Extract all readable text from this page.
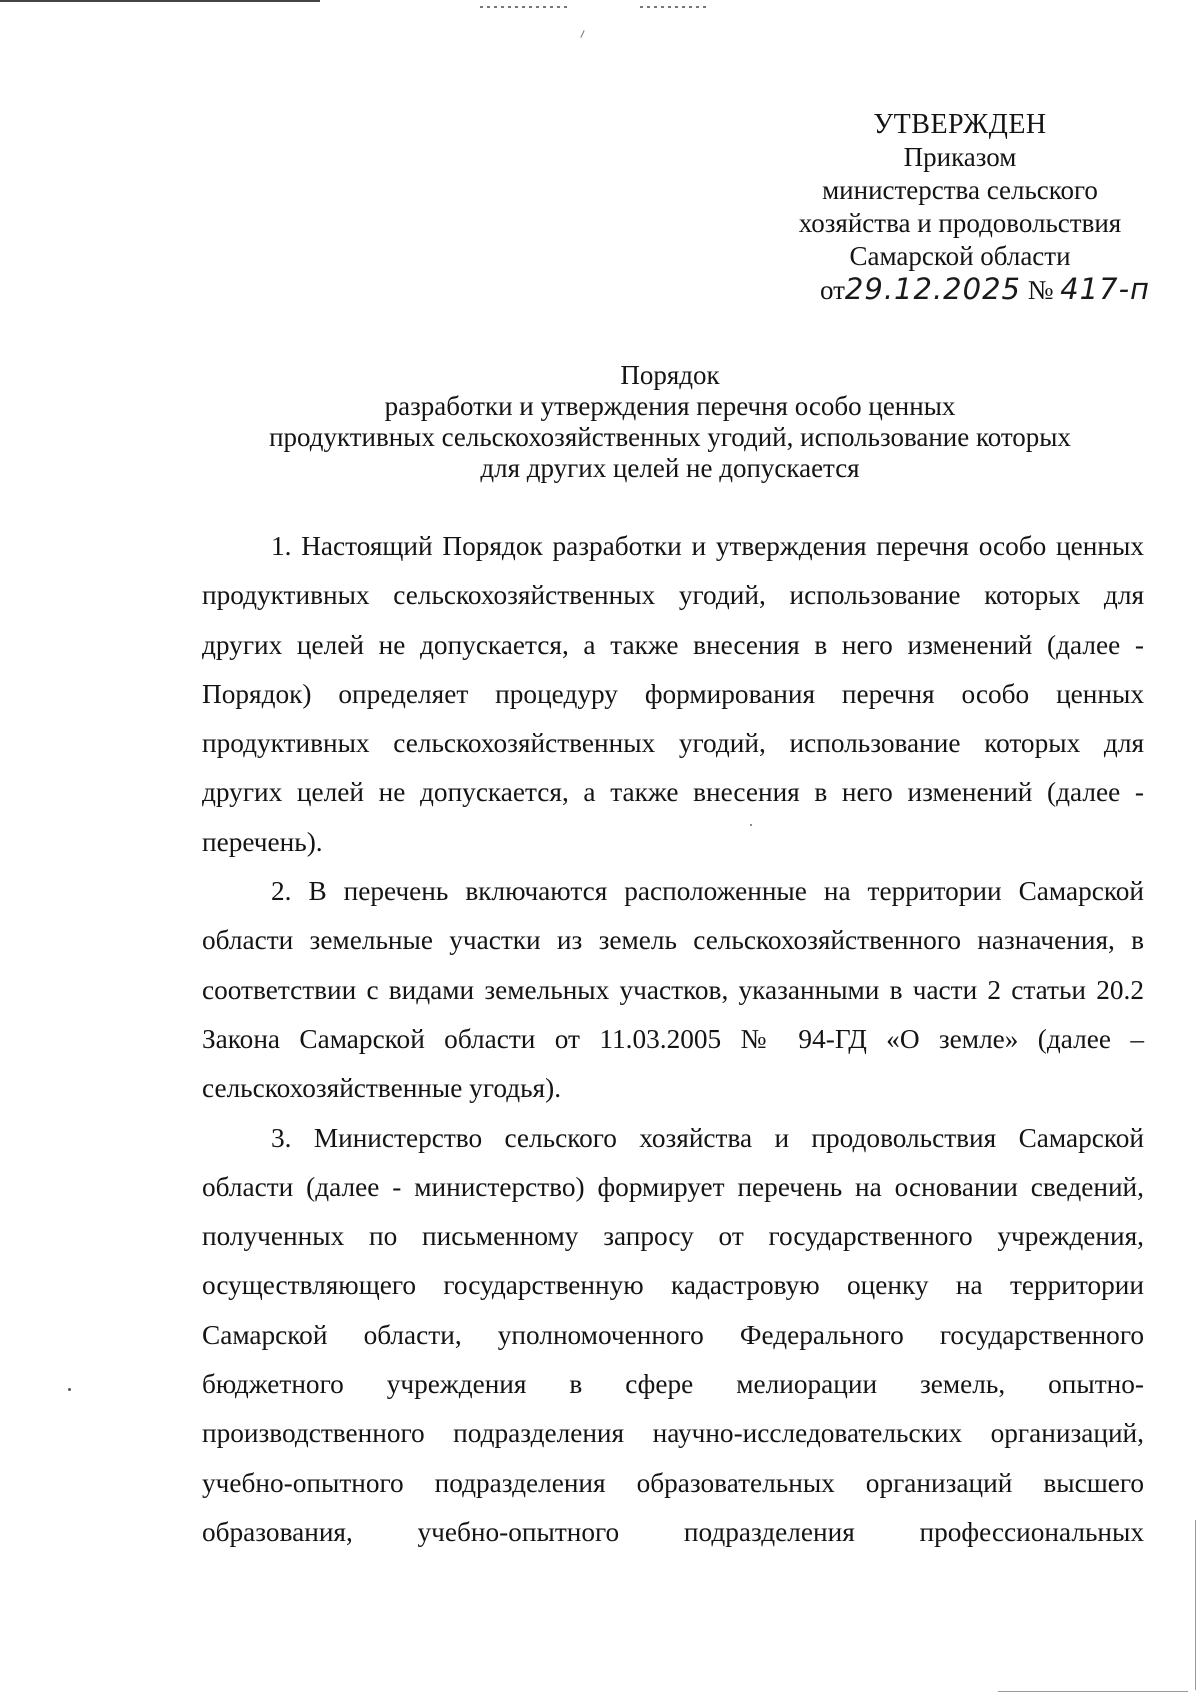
УТВЕРЖДЕН
Приказом
министерства сельского
хозяйства и продовольствия
Самарской области
от29.12.2025 № 417-п
Порядок
разработки и утверждения перечня особо ценных
продуктивных сельскохозяйственных угодий, использование которых
для других целей не допускается

1. Настоящий Порядок разработки и утверждения перечня особо ценных продуктивных сельскохозяйственных угодий, использование которых для других целей не допускается, а также внесения в него изменений (далее - Порядок) определяет процедуру формирования перечня особо ценных продуктивных сельскохозяйственных угодий, использование которых для других целей не допускается, а также внесения в него изменений (далее - перечень).

2. В перечень включаются расположенные на территории Самарской области земельные участки из земель сельскохозяйственного назначения, в соответствии с видами земельных участков, указанными в части 2 статьи 20.2 Закона Самарской области от 11.03.2005 № 94-ГД «О земле» (далее – сельскохозяйственные угодья).

3. Министерство сельского хозяйства и продовольствия Самарской области (далее - министерство) формирует перечень на основании сведений, полученных по письменному запросу от государственного учреждения, осуществляющего государственную кадастровую оценку на территории Самарской области, уполномоченного Федерального государственного бюджетного учреждения в сфере мелиорации земель, опытно-производственного подразделения научно-исследовательских организаций, учебно-опытного подразделения образовательных организаций высшего образования, учебно-опытного подразделения профессиональных
